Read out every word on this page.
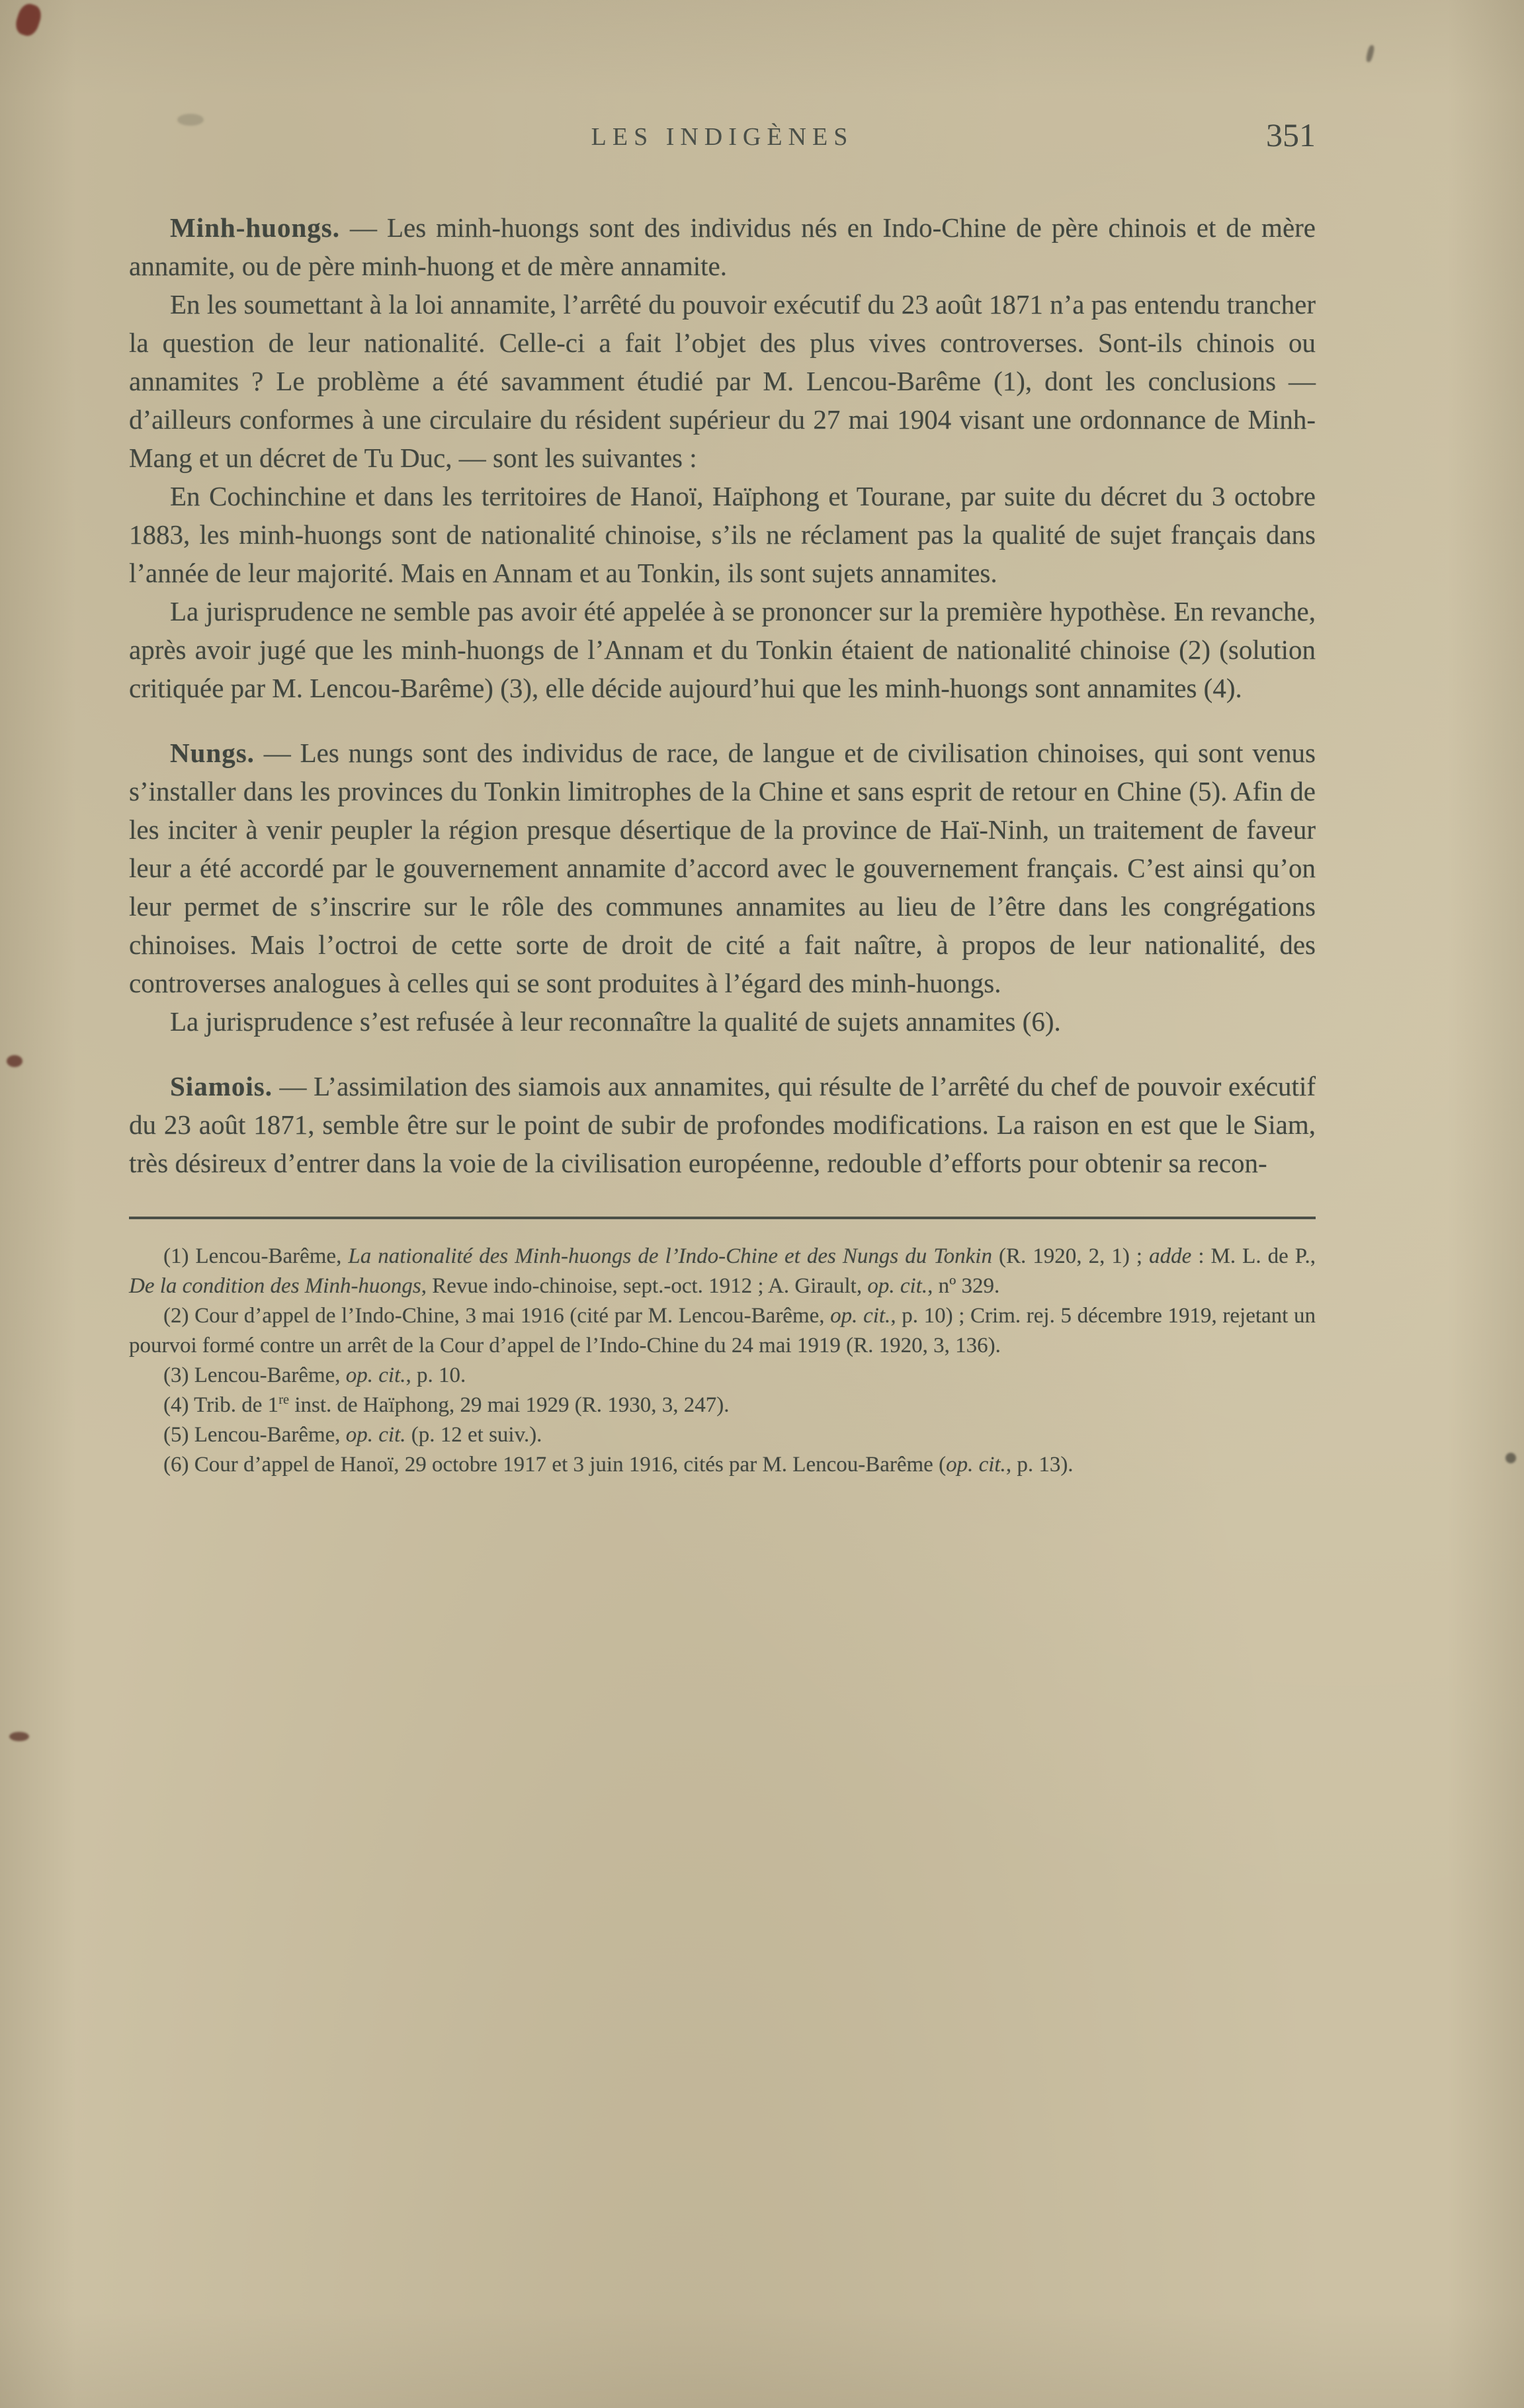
LES INDIGÈNES	351

Minh-huongs. — Les minh-huongs sont des individus nés en Indo-Chine de père chinois et de mère annamite, ou de père minh-huong et de mère annamite.

En les soumettant à la loi annamite, l’arrêté du pouvoir exécutif du 23 août 1871 n’a pas entendu trancher la question de leur nationalité. Celle-ci a fait l’objet des plus vives controverses. Sont-ils chinois ou annamites ? Le problème a été savamment étudié par M. Lencou-Barême (1), dont les conclusions — d’ailleurs conformes à une circulaire du résident supérieur du 27 mai 1904 visant une ordonnance de Minh-Mang et un décret de Tu Duc, — sont les suivantes :

En Cochinchine et dans les territoires de Hanoï, Haïphong et Tourane, par suite du décret du 3 octobre 1883, les minh-huongs sont de nationalité chinoise, s’ils ne réclament pas la qualité de sujet français dans l’année de leur majorité. Mais en Annam et au Tonkin, ils sont sujets annamites.

La jurisprudence ne semble pas avoir été appelée à se prononcer sur la première hypothèse. En revanche, après avoir jugé que les minh-huongs de l’Annam et du Tonkin étaient de nationalité chinoise (2) (solution critiquée par M. Lencou-Barême) (3), elle décide aujourd’hui que les minh-huongs sont annamites (4).

Nungs. — Les nungs sont des individus de race, de langue et de civilisation chinoises, qui sont venus s’installer dans les provinces du Tonkin limitrophes de la Chine et sans esprit de retour en Chine (5). Afin de les inciter à venir peupler la région presque désertique de la province de Haï-Ninh, un traitement de faveur leur a été accordé par le gouvernement annamite d’accord avec le gouvernement français. C’est ainsi qu’on leur permet de s’inscrire sur le rôle des communes annamites au lieu de l’être dans les congrégations chinoises. Mais l’octroi de cette sorte de droit de cité a fait naître, à propos de leur nationalité, des controverses analogues à celles qui se sont produites à l’égard des minh-huongs.

La jurisprudence s’est refusée à leur reconnaître la qualité de sujets annamites (6).

Siamois. — L’assimilation des siamois aux annamites, qui résulte de l’arrêté du chef de pouvoir exécutif du 23 août 1871, semble être sur le point de subir de profondes modifications. La raison en est que le Siam, très désireux d’entrer dans la voie de la civilisation européenne, redouble d’efforts pour obtenir sa recon-

(1) Lencou-Barême, La nationalité des Minh-huongs de l’Indo-Chine et des Nungs du Tonkin (R. 1920, 2, 1) ; adde : M. L. de P., De la condition des Minh-huongs, Revue indo-chinoise, sept.-oct. 1912 ; A. Girault, op. cit., nº 329.

(2) Cour d’appel de l’Indo-Chine, 3 mai 1916 (cité par M. Lencou-Barême, op. cit., p. 10) ; Crim. rej. 5 décembre 1919, rejetant un pourvoi formé contre un arrêt de la Cour d’appel de l’Indo-Chine du 24 mai 1919 (R. 1920, 3, 136).

(3) Lencou-Barême, op. cit., p. 10.

(4) Trib. de 1re inst. de Haïphong, 29 mai 1929 (R. 1930, 3, 247).

(5) Lencou-Barême, op. cit. (p. 12 et suiv.).

(6) Cour d’appel de Hanoï, 29 octobre 1917 et 3 juin 1916, cités par M. Lencou-Barême (op. cit., p. 13).
